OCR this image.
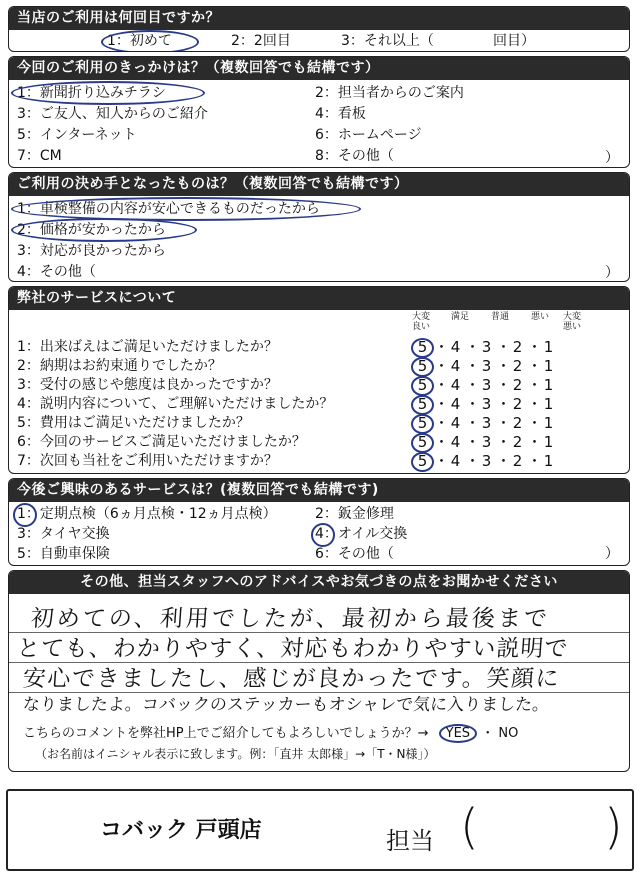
当店のご利用は何回目ですか？
1：初めて	2：2回目	3：それ以上（	回目）
今回のご利用のきっかけは？（複数回答でも結構です）
1：新聞折り込みチラシ	2：担当者からのご案内
3：ご友人、知人からのご紹介	4：看板
5：インターネット	6：ホームページ
7：CM	8：その他（	）
ご利用の決め手となったものは？（複数回答でも結構です）
1：車検整備の内容が安心できるものだったから
2：価格が安かったから
3：対応が良かったから
4：その他（	）
弊社のサービスについて
大変良い
満足	普通	悪い	大変悪い
1：出来ばえはご満足いただけましたか？	5 ・ 4 ・ 3 ・ 2 ・ 1
2：納期はお約束通りでしたか？	5 ・ 4 ・ 3 ・ 2 ・ 1
3：受付の感じや態度は良かったですか？	5 ・ 4 ・ 3 ・ 2 ・ 1
4：説明内容について、ご理解いただけましたか？	5 ・ 4 ・ 3 ・ 2 ・ 1
5：費用はご満足いただけましたか？	5 ・ 4 ・ 3 ・ 2 ・ 1
6：今回のサービスご満足いただけましたか？	5 ・ 4 ・ 3 ・ 2 ・ 1
7：次回も当社をご利用いただけますか？	5 ・ 4 ・ 3 ・ 2 ・ 1
今後ご興味のあるサービスは？(複数回答でも結構です)
1：定期点検（6ヵ月点検・12ヵ月点検）	2：鈑金修理
3：タイヤ交換	4：オイル交換
5：自動車保険	6：その他（	）
その他、担当スタッフへのアドバイスやお気づきの点をお聞かせください
初めての、利用でしたが、最初から最後まで
とても、わかりやすく、対応もわかりやすい説明で
安心できましたし、感じが良かったです。笑顔に
なりましたよ。コバックのステッカーもオシャレで気に入りました。
こちらのコメントを弊社HP上でご紹介してもよろしいでしょうか？→ YES ・ NO
（お名前はイニシャル表示に致します。例：「直井 太郎様」→「T・N様」）
コバック 戸頭店	担当 (	)
